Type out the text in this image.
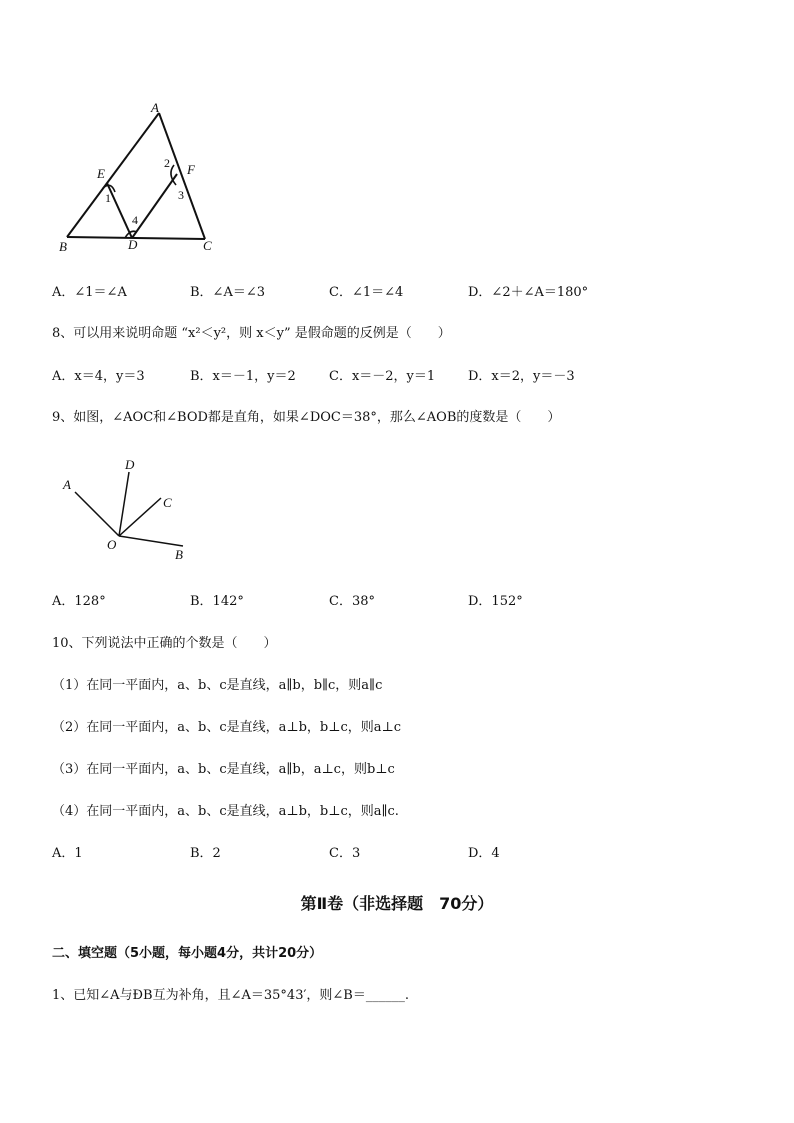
A
B	C
D
E	F
1
2
3
4
A．∠1＝∠A	B．∠A＝∠3	C．∠1＝∠4	D．∠2＋∠A＝180°
8、可以用来说明命题 “x²＜y²，则 x＜y” 是假命题的反例是（　　）
A．x＝4，y＝3	B．x＝－1，y＝2	C．x＝－2，y＝1	D．x＝2，y＝－3
9、如图，∠AOC和∠BOD都是直角，如果∠DOC＝38°，那么∠AOB的度数是（　　）
A
D
C
O
B
A．128°	B．142°	C．38°	D．152°
10、下列说法中正确的个数是（　　）
（1）在同一平面内，a、b、c是直线，a∥b，b∥c，则a∥c
（2）在同一平面内，a、b、c是直线，a⊥b，b⊥c，则a⊥c
（3）在同一平面内，a、b、c是直线，a∥b，a⊥c，则b⊥c
（4）在同一平面内，a、b、c是直线，a⊥b，b⊥c，则a∥c.
A．1	B．2	C．3	D．4
第Ⅱ卷（非选择题　70分）
二、填空题（5小题，每小题4分，共计20分）
1、已知∠A与ÐB互为补角，且∠A＝35°43′，则∠B＝______.
